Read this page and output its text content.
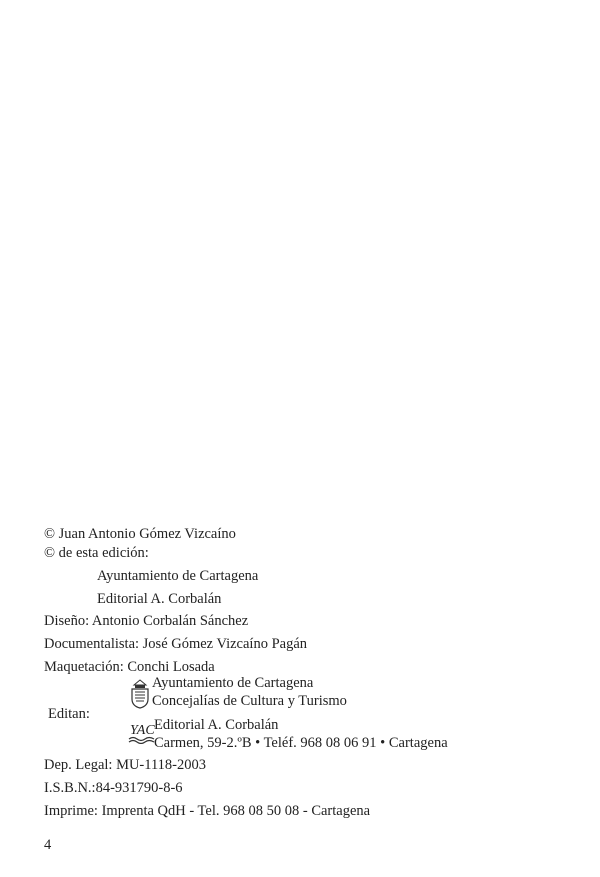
© Juan Antonio Gómez Vizcaíno
© de esta edición:
Ayuntamiento de Cartagena
Editorial A. Corbalán
Diseño: Antonio Corbalán Sánchez
Documentalista: José Gómez Vizcaíno Pagán
Maquetación: Conchi Losada
Editan:
Ayuntamiento de Cartagena
Concejalías de Cultura y Turismo
YAC Editorial A. Corbalán
Carmen, 59-2.ºB • Teléf. 968 08 06 91 • Cartagena
Dep. Legal: MU-1118-2003
I.S.B.N.:84-931790-8-6
Imprime: Imprenta QdH - Tel. 968 08 50 08 - Cartagena
4
